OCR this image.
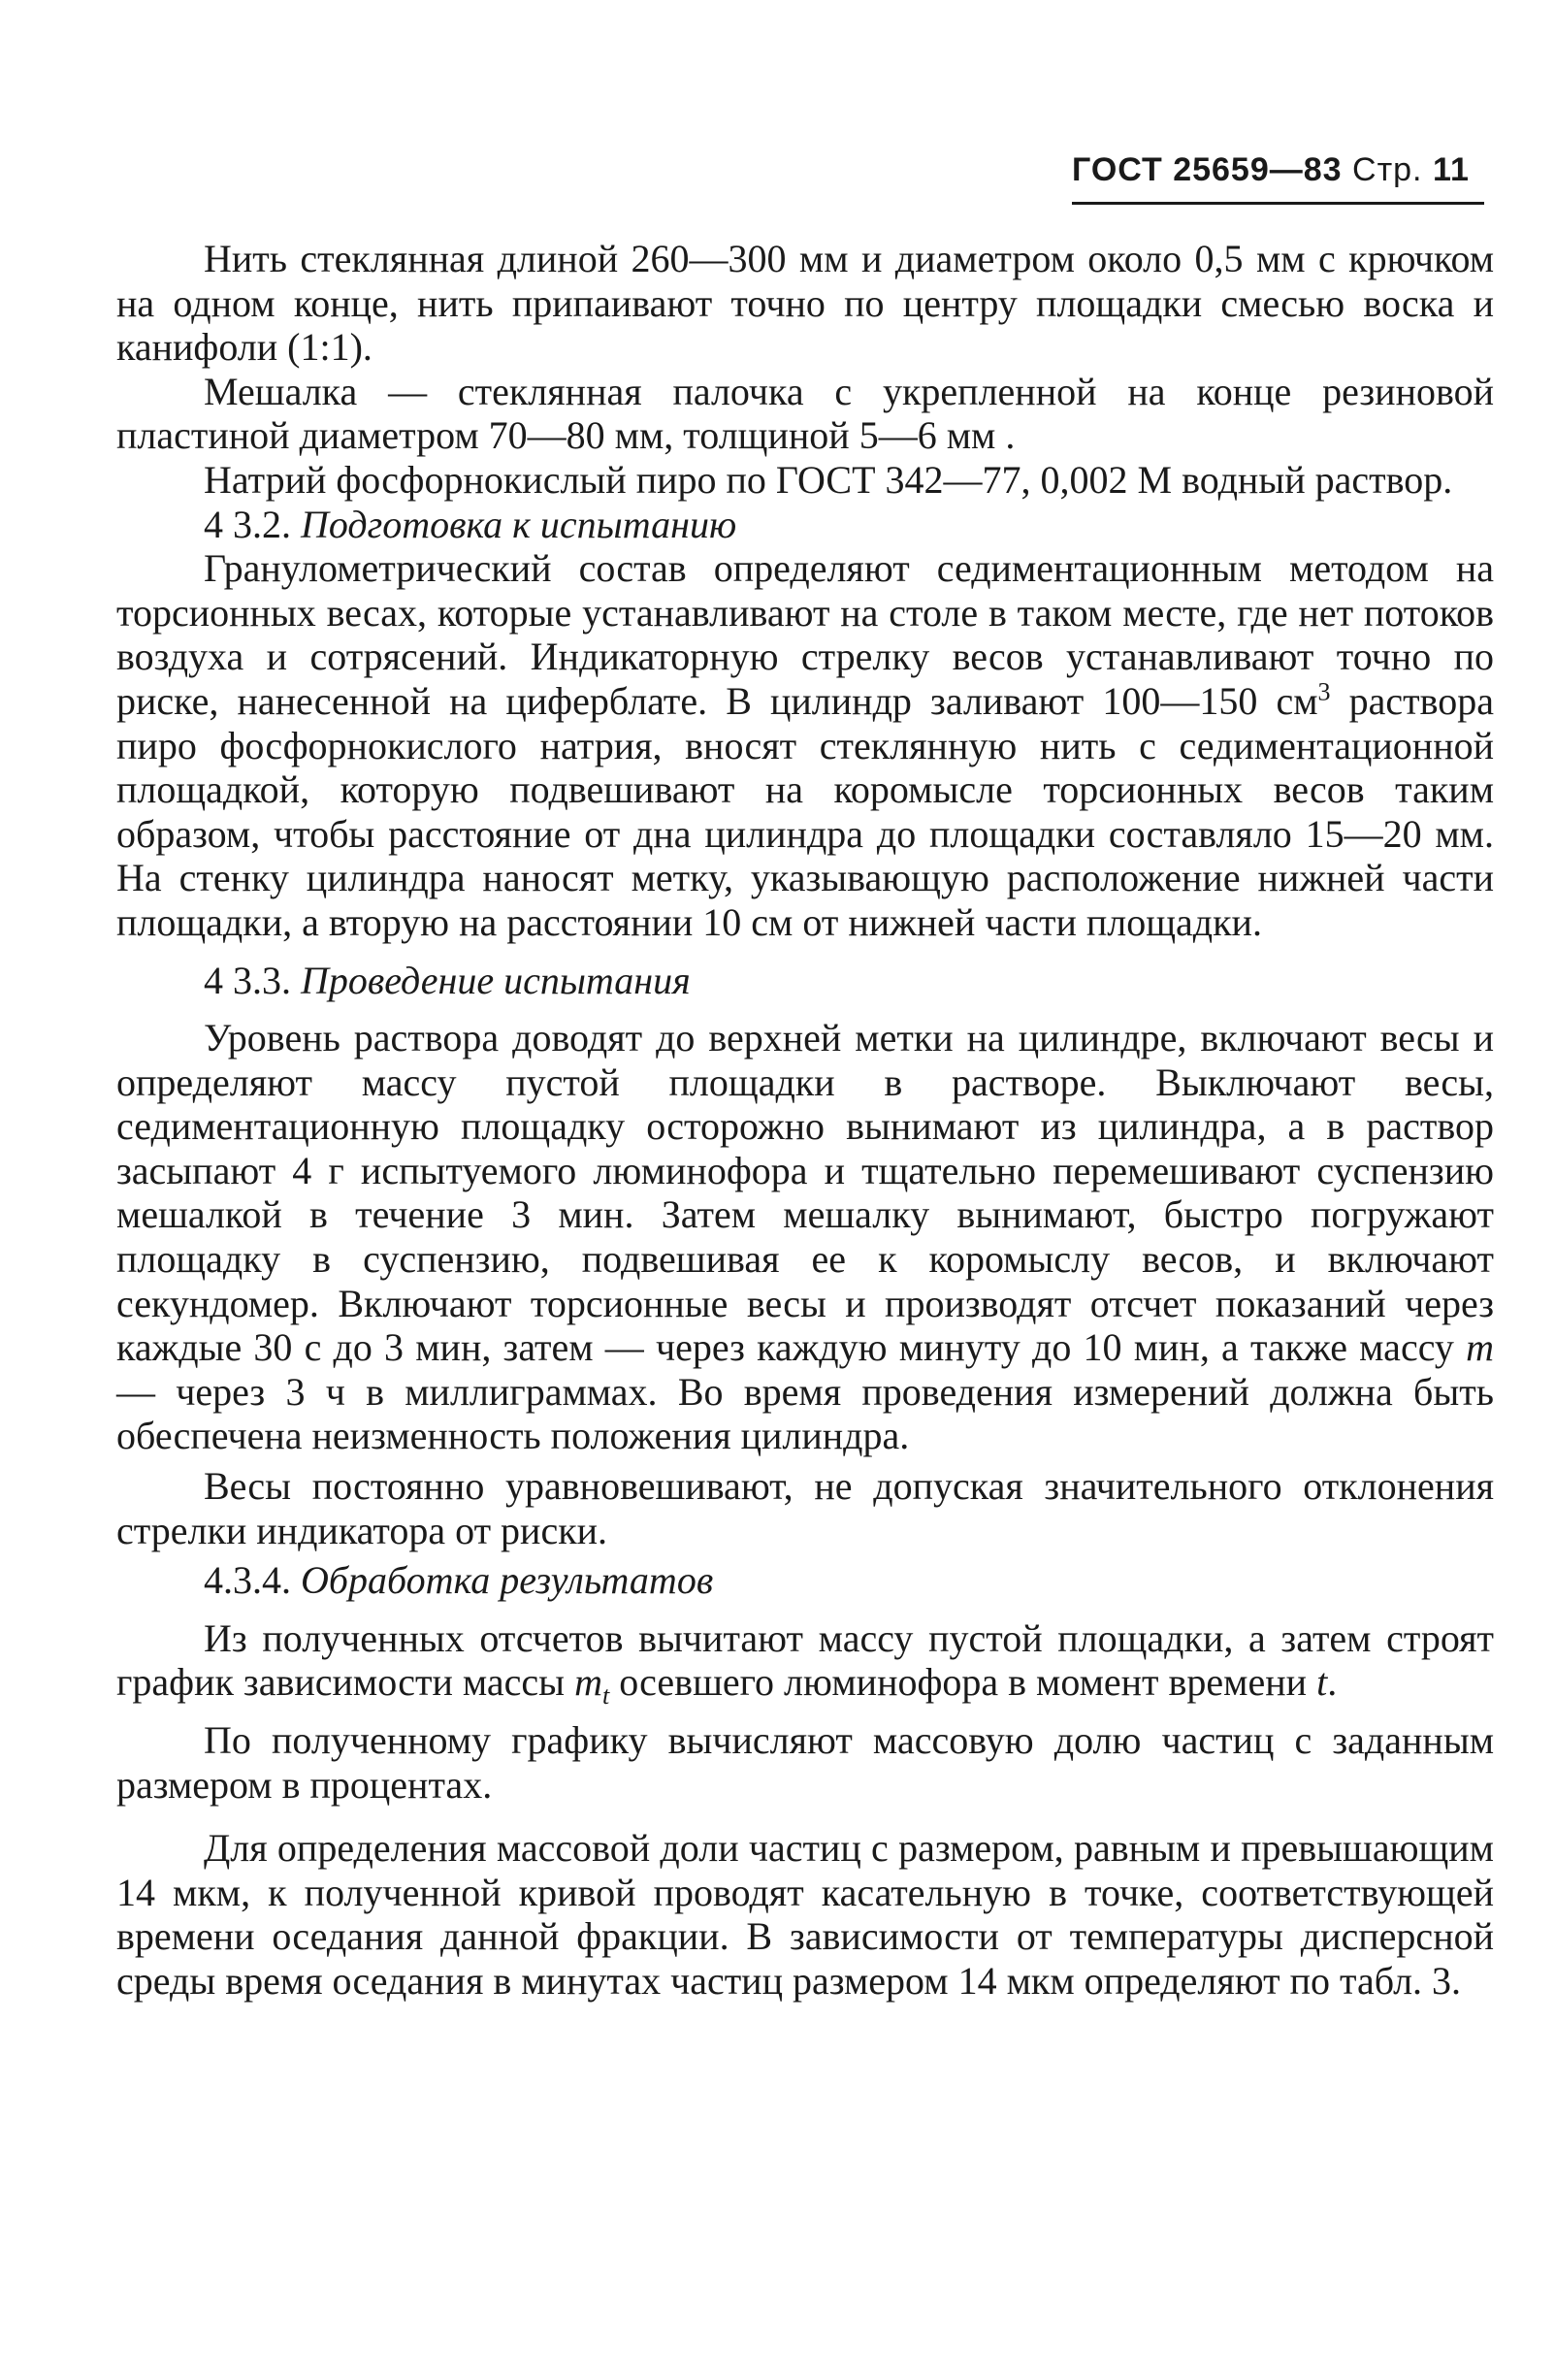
ГОСТ 25659—83 Стр. 11

Нить стеклянная длиной 260—300 мм и диаметром около 0,5 мм с крючком на одном конце, нить припаивают точно по центру площадки смесью воска и канифоли (1:1).

Мешалка — стеклянная палочка с укрепленной на конце резиновой пластиной диаметром 70—80 мм, толщиной 5—6 мм .

Натрий фосфорнокислый пиро по ГОСТ 342—77, 0,002 М водный раствор.

4 3.2. Подготовка к испытанию

Гранулометрический состав определяют седиментационным методом на торсионных весах, которые устанавливают на столе в таком месте, где нет потоков воздуха и сотрясений. Индикаторную стрелку весов устанавливают точно по риске, нанесенной на циферблате. В цилиндр заливают 100—150 $см^3$ раствора пиро фосфорнокислого натрия, вносят стеклянную нить с седиментационной площадкой, которую подвешивают на коромысле торсионных весов таким образом, чтобы расстояние от дна цилиндра до площадки составляло 15—20 мм. На стенку цилиндра наносят метку, указывающую расположение нижней части площадки, а вторую на расстоянии 10 см от нижней части площадки.

4 3.3. Проведение испытания

Уровень раствора доводят до верхней метки на цилиндре, включают весы и определяют массу пустой площадки в растворе. Выключают весы, седиментационную площадку осторожно вынимают из цилиндра, а в раствор засыпают 4 г испытуемого люминофора и тщательно перемешивают суспензию мешалкой в течение 3 мин. Затем мешалку вынимают, быстро погружают площадку в суспензию, подвешивая ее к коромыслу весов, и включают секундомер. Включают торсионные весы и производят отсчет показаний через каждые 30 с до 3 мин, затем — через каждую минуту до 10 мин, а также массу m — через 3 ч в миллиграммах. Во время проведения измерений должна быть обеспечена неизменность положения цилиндра.

Весы постоянно уравновешивают, не допуская значительного отклонения стрелки индикатора от риски.

4.3.4. Обработка результатов

Из полученных отсчетов вычитают массу пустой площадки, а затем строят график зависимости массы $m_t$ осевшего люминофора в момент времени t.

По полученному графику вычисляют массовую долю частиц с заданным размером в процентах.

Для определения массовой доли частиц с размером, равным и превышающим 14 мкм, к полученной кривой проводят касательную в точке, соответствующей времени оседания данной фракции. В зависимости от температуры дисперсной среды время оседания в минутах частиц размером 14 мкм определяют по табл. 3.
